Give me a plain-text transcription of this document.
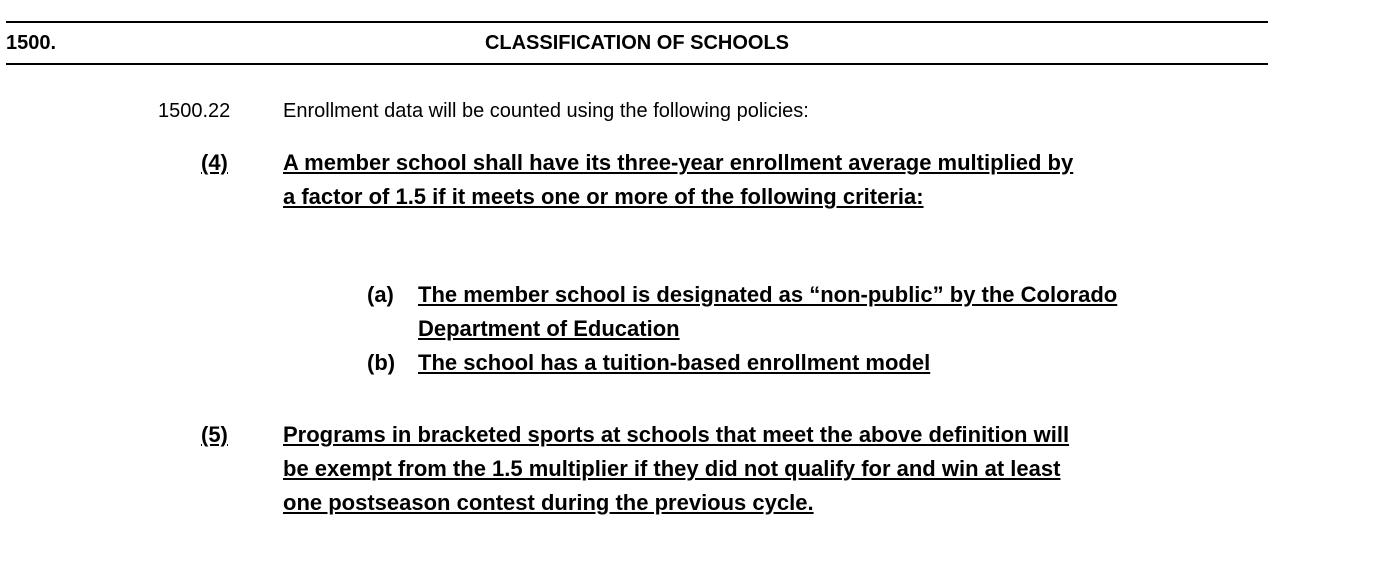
1500.	CLASSIFICATION OF SCHOOLS
1500.22	Enrollment data will be counted using the following policies:
(4)	A member school shall have its three-year enrollment average multiplied by
a factor of 1.5 if it meets one or more of the following criteria:
(a) The member school is designated as “non-public” by the Colorado
Department of Education
(b) The school has a tuition-based enrollment model
(5)	Programs in bracketed sports at schools that meet the above definition will
be exempt from the 1.5 multiplier if they did not qualify for and win at least
one postseason contest during the previous cycle.
